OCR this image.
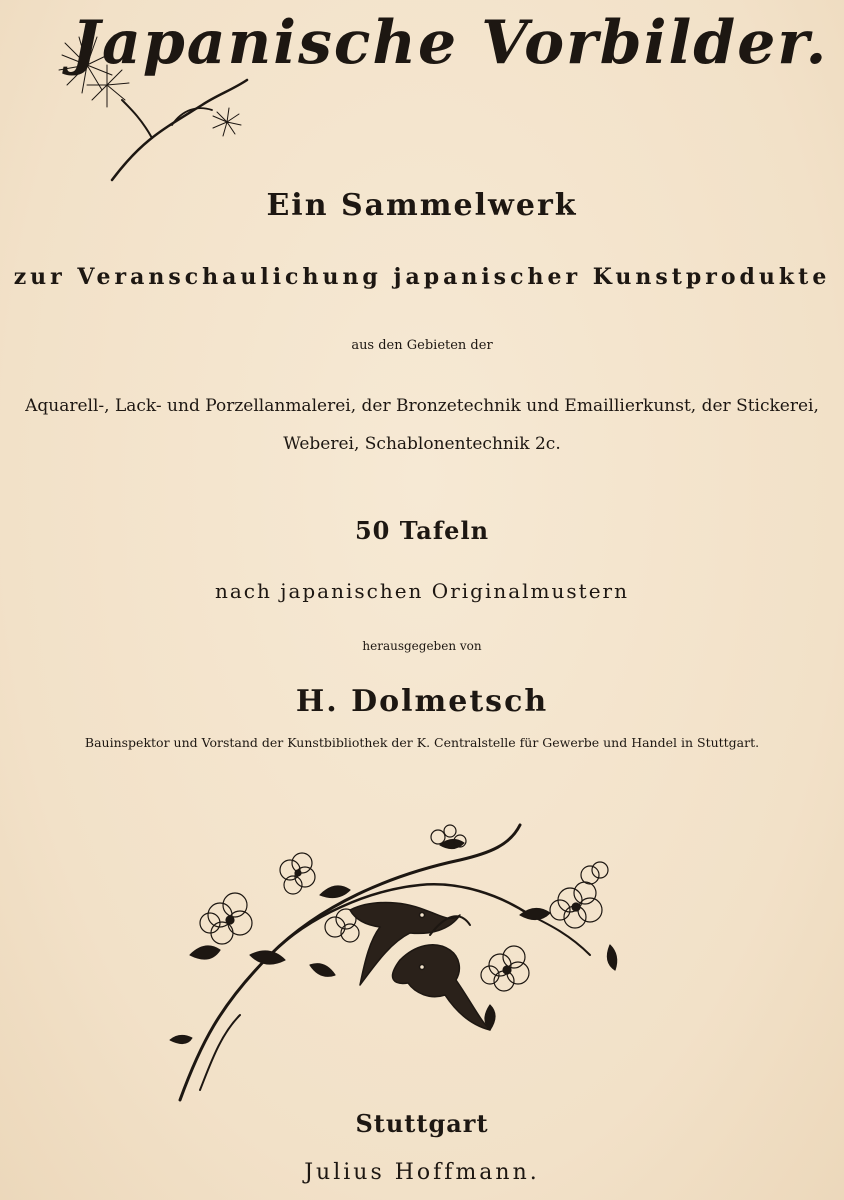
Japanische Vorbilder.
Ein Sammelwerk
zur Veranschaulichung japanischer Kunstprodukte
aus den Gebieten der
Aquarell-, Lack- und Porzellanmalerei, der Bronzetechnik und Emaillierkunst, der Stickerei,
Weberei, Schablonentechnik 2c.
50 Tafeln
nach japanischen Originalmustern
herausgegeben von
H. Dolmetsch
Bauinspektor und Vorstand der Kunstbibliothek der K. Centralstelle für Gewerbe und Handel in Stuttgart.
Stuttgart
Julius Hoffmann.
